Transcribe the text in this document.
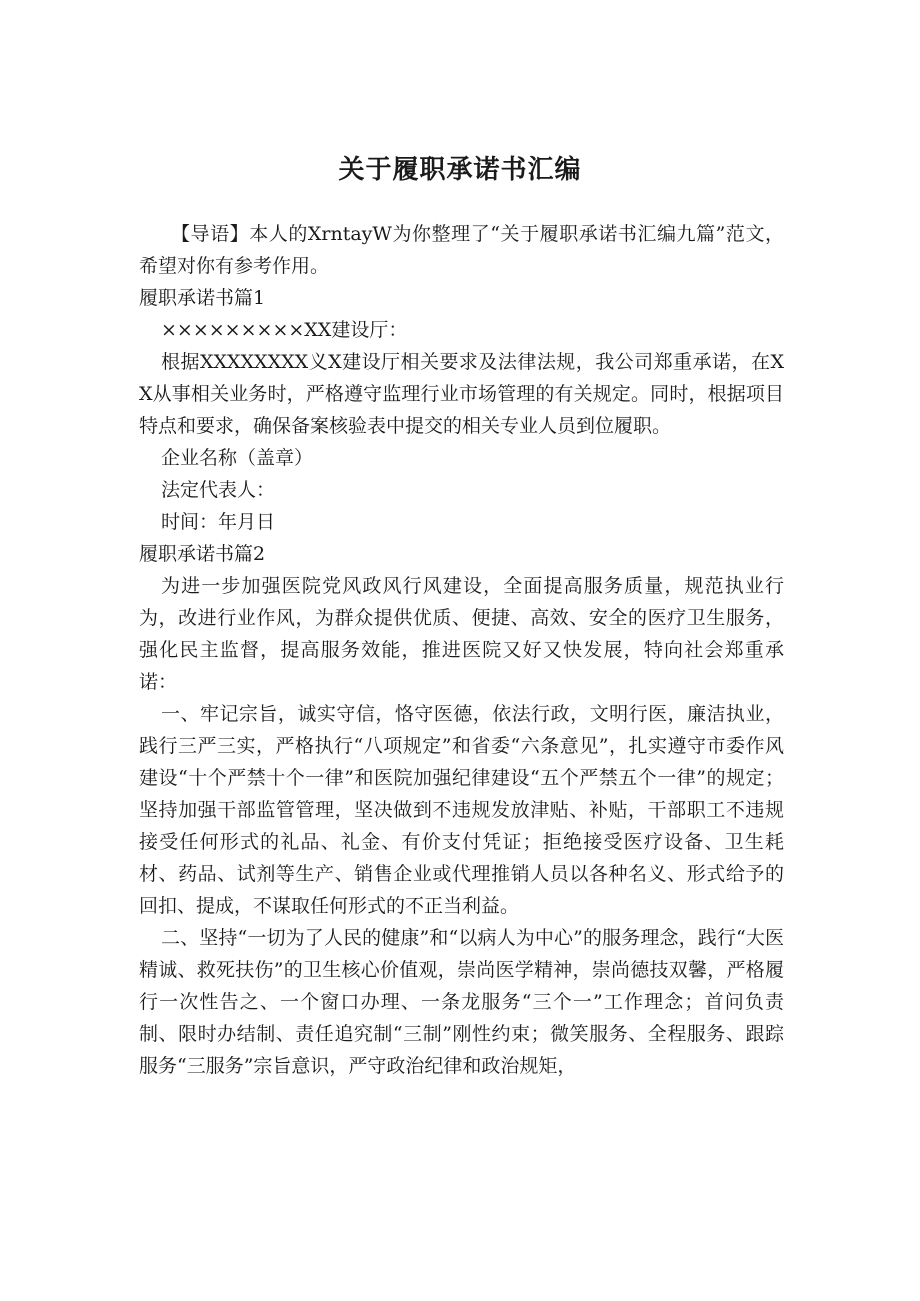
关于履职承诺书汇编

【导语】本人的XrntayW为你整理了“关于履职承诺书汇编九篇”范文，希望对你有参考作用。

履职承诺书篇1

×××××××××XX建设厅：

根据XXXXXXXX义X建设厅相关要求及法律法规，我公司郑重承诺，在XX从事相关业务时，严格遵守监理行业市场管理的有关规定。同时，根据项目特点和要求，确保备案核验表中提交的相关专业人员到位履职。

企业名称（盖章）

法定代表人：

时间：年月日

履职承诺书篇2

为进一步加强医院党风政风行风建设，全面提高服务质量，规范执业行为，改进行业作风，为群众提供优质、便捷、高效、安全的医疗卫生服务，强化民主监督，提高服务效能，推进医院又好又快发展，特向社会郑重承诺：

一、牢记宗旨，诚实守信，恪守医德，依法行政，文明行医，廉洁执业，践行三严三实，严格执行“八项规定”和省委“六条意见”，扎实遵守市委作风建设“十个严禁十个一律”和医院加强纪律建设“五个严禁五个一律”的规定；坚持加强干部监管管理，坚决做到不违规发放津贴、补贴，干部职工不违规接受任何形式的礼品、礼金、有价支付凭证；拒绝接受医疗设备、卫生耗材、药品、试剂等生产、销售企业或代理推销人员以各种名义、形式给予的回扣、提成，不谋取任何形式的不正当利益。

二、坚持“一切为了人民的健康”和“以病人为中心”的服务理念，践行“大医精诚、救死扶伤”的卫生核心价值观，崇尚医学精神，崇尚德技双馨，严格履行一次性告之、一个窗口办理、一条龙服务“三个一”工作理念；首问负责制、限时办结制、责任追究制“三制”刚性约束；微笑服务、全程服务、跟踪服务“三服务”宗旨意识，严守政治纪律和政治规矩，
